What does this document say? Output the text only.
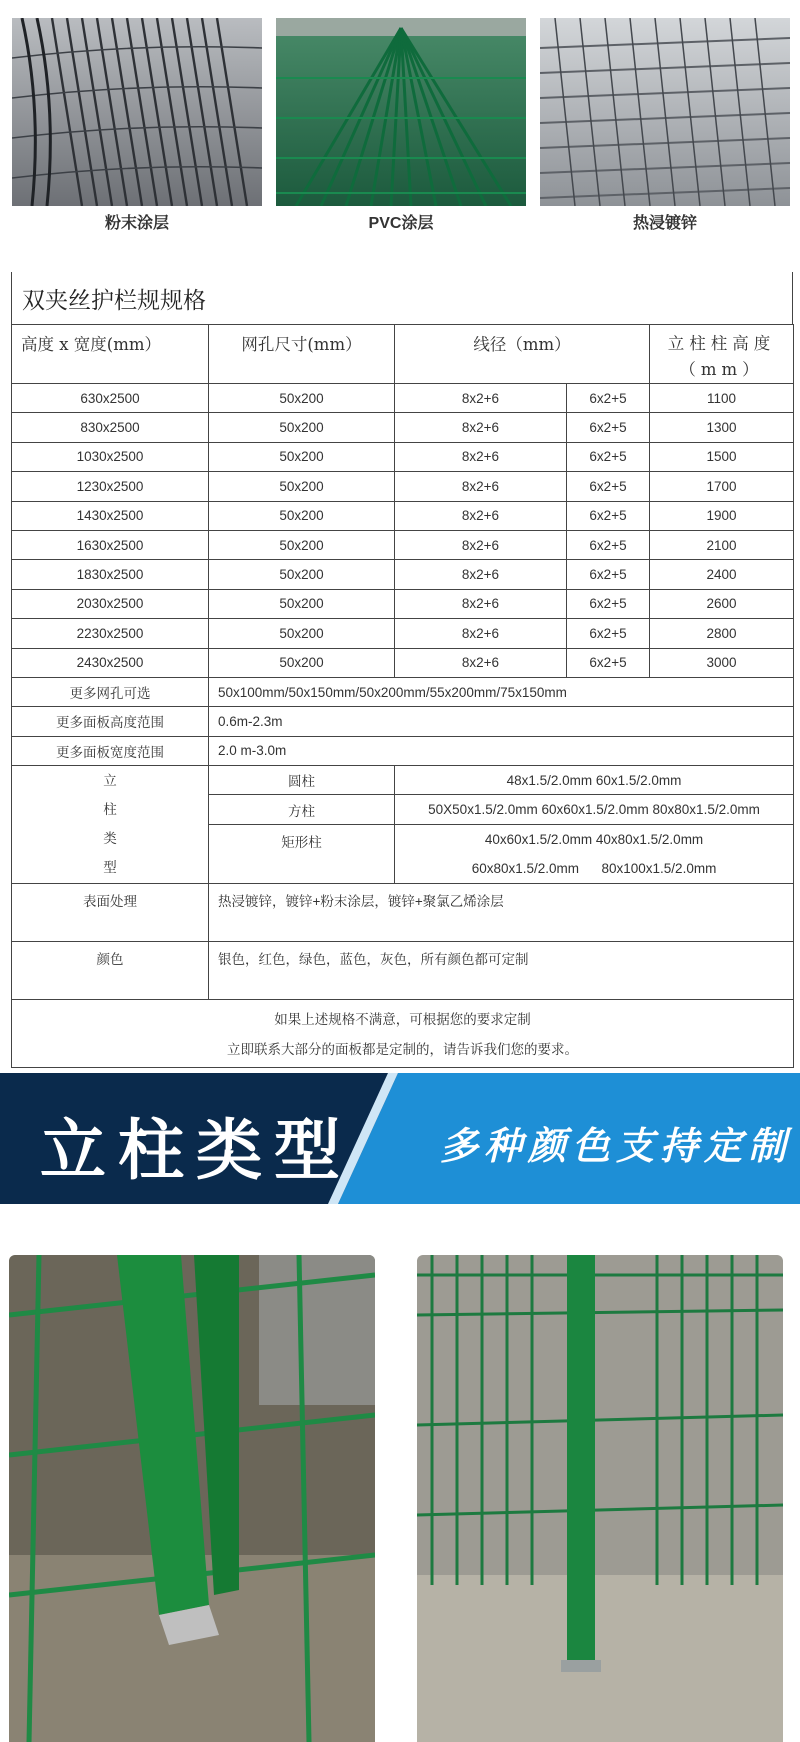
粉末涂层	PVC涂层	热浸镀锌
双夹丝护栏规规格
高度 x 宽度(mm）	网孔尺寸(mm）	线径（mm）		立柱柱高度（mm）
630x2500	50x200	8x2+6	6x2+5	1100
830x2500	50x200	8x2+6	6x2+5	1300
1030x2500	50x200	8x2+6	6x2+5	1500
1230x2500	50x200	8x2+6	6x2+5	1700
1430x2500	50x200	8x2+6	6x2+5	1900
1630x2500	50x200	8x2+6	6x2+5	2100
1830x2500	50x200	8x2+6	6x2+5	2400
2030x2500	50x200	8x2+6	6x2+5	2600
2230x2500	50x200	8x2+6	6x2+5	2800
2430x2500	50x200	8x2+6	6x2+5	3000
更多网孔可选	50x100mm/50x150mm/50x200mm/55x200mm/75x150mm			
更多面板高度范围	0.6m-2.3m			
更多面板宽度范围	2.0 m-3.0m			

立
柱
类
型	圆柱	48x1.5/2.0mm 60x1.5/2.0mm		
	方柱	50X50x1.5/2.0mm 60x60x1.5/2.0mm 80x80x1.5/2.0mm		
	矩形柱	40x60x1.5/2.0mm 40x80x1.5/2.0mm		
		60x80x1.5/2.0mm      80x100x1.5/2.0mm		
表面处理	热浸镀锌，镀锌+粉末涂层，镀锌+聚氯乙烯涂层			
颜色	银色，红色，绿色，蓝色，灰色，所有颜色都可定制			

如果上述规格不满意，可根据您的要求定制
立即联系大部分的面板都是定制的，请告诉我们您的要求。				
立柱类型 多种颜色支持定制
